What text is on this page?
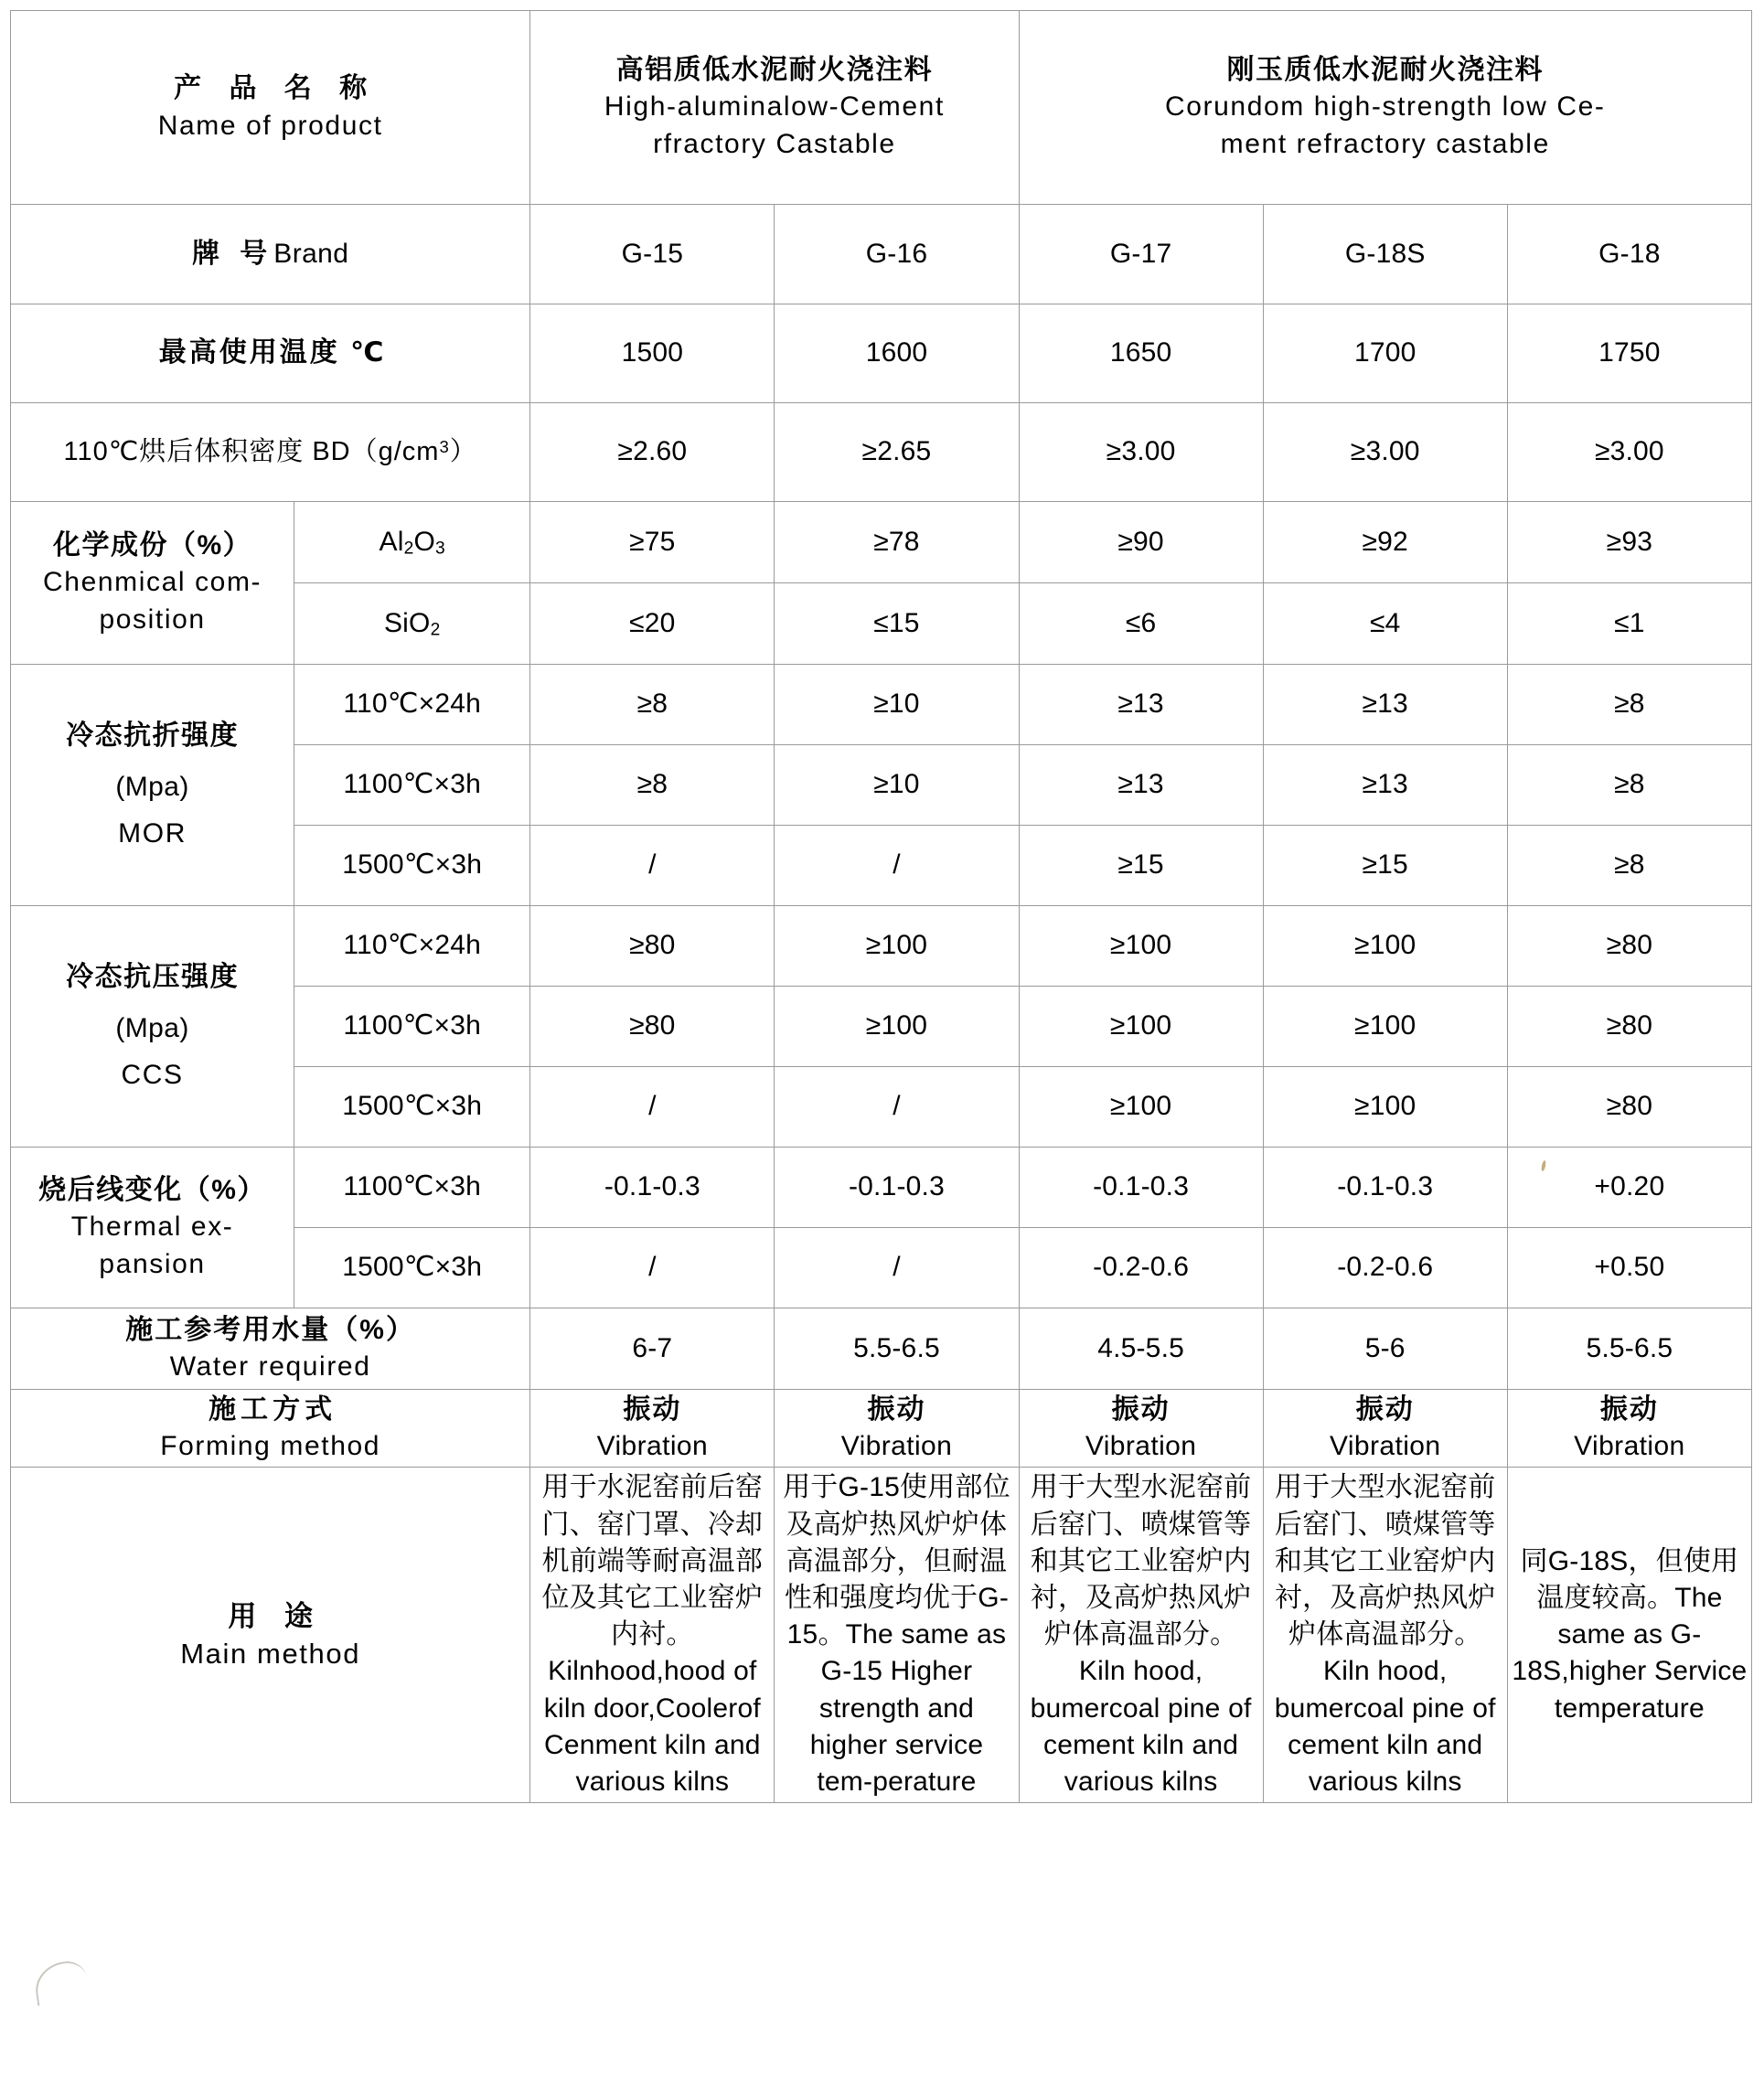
产 品 名 称
Name of product		高铝质低水泥耐火浇注料
High-aluminalow-Cement
rfractory Castable		刚玉质低水泥耐火浇注料
Corundom high-strength low Ce-
ment refractory castable		

牌 号Brand		G-15	G-16	G-17	G-18S	G-18

最高使用温度 ℃		1500	1600	1650	1700	1750
110℃烘后体积密度 $BD(g/cm^3)$		≥2.60	≥2.65	≥3.00	≥3.00	≥3.00

化学成份（%）
Chenmical com-
position	$Al_2O_3$	≥75	≥78	≥90	≥92	≥93
	SiO$_2$	≤20	≤15	≤6	≤4	≤1

冷态抗折强度
(Mpa)
MOR	110℃×24h	≥8	≥10	≥13	≥13	≥8
	1100℃×3h	≥8	≥10	≥13	≥13	≥8
	1500℃×3h	/	/	≥15	≥15	≥8

冷态抗压强度
(Mpa)
CCS	110℃×24h	≥80	≥100	≥100	≥100	≥80
	1100℃×3h	≥80	≥100	≥100	≥100	≥80
	1500℃×3h	/	/	≥100	≥100	≥80

烧后线变化（%）
Thermal ex-
pansion	1100℃×3h	-0.1-0.3	-0.1-0.3	-0.1-0.3	-0.1-0.3	+0.20
	1500℃×3h	/	/	-0.2-0.6	-0.2-0.6	+0.50

施工参考用水量（%）
Water required		6-7	5.5-6.5	4.5-5.5	5-6	5.5-6.5

施工方式
Forming method		振动
Vibration	振动
Vibration	振动
Vibration	振动
Vibration	振动
Vibration

用 途
Main method		用于水泥窑前后窑门、窑门罩、冷却机前端等耐高温部位及其它工业窑炉内衬。Kilnhood,hood of kiln door,Coolerof Cenment kiln and various kilns	用于G-15使用部位及高炉热风炉炉体高温部分，但耐温性和强度均优于G-15。The same as G-15 Higher strength and higher service tem-perature	用于大型水泥窑前后窑门、喷煤管等和其它工业窑炉内衬，及高炉热风炉炉体高温部分。Kiln hood, bumercoal pine of cement kiln and various kilns	用于大型水泥窑前后窑门、喷煤管等和其它工业窑炉内衬，及高炉热风炉炉体高温部分。Kiln hood, bumercoal pine of cement kiln and various kilns	同G-18S，但使用温度较高。The same as G-18S,higher Service temperature
